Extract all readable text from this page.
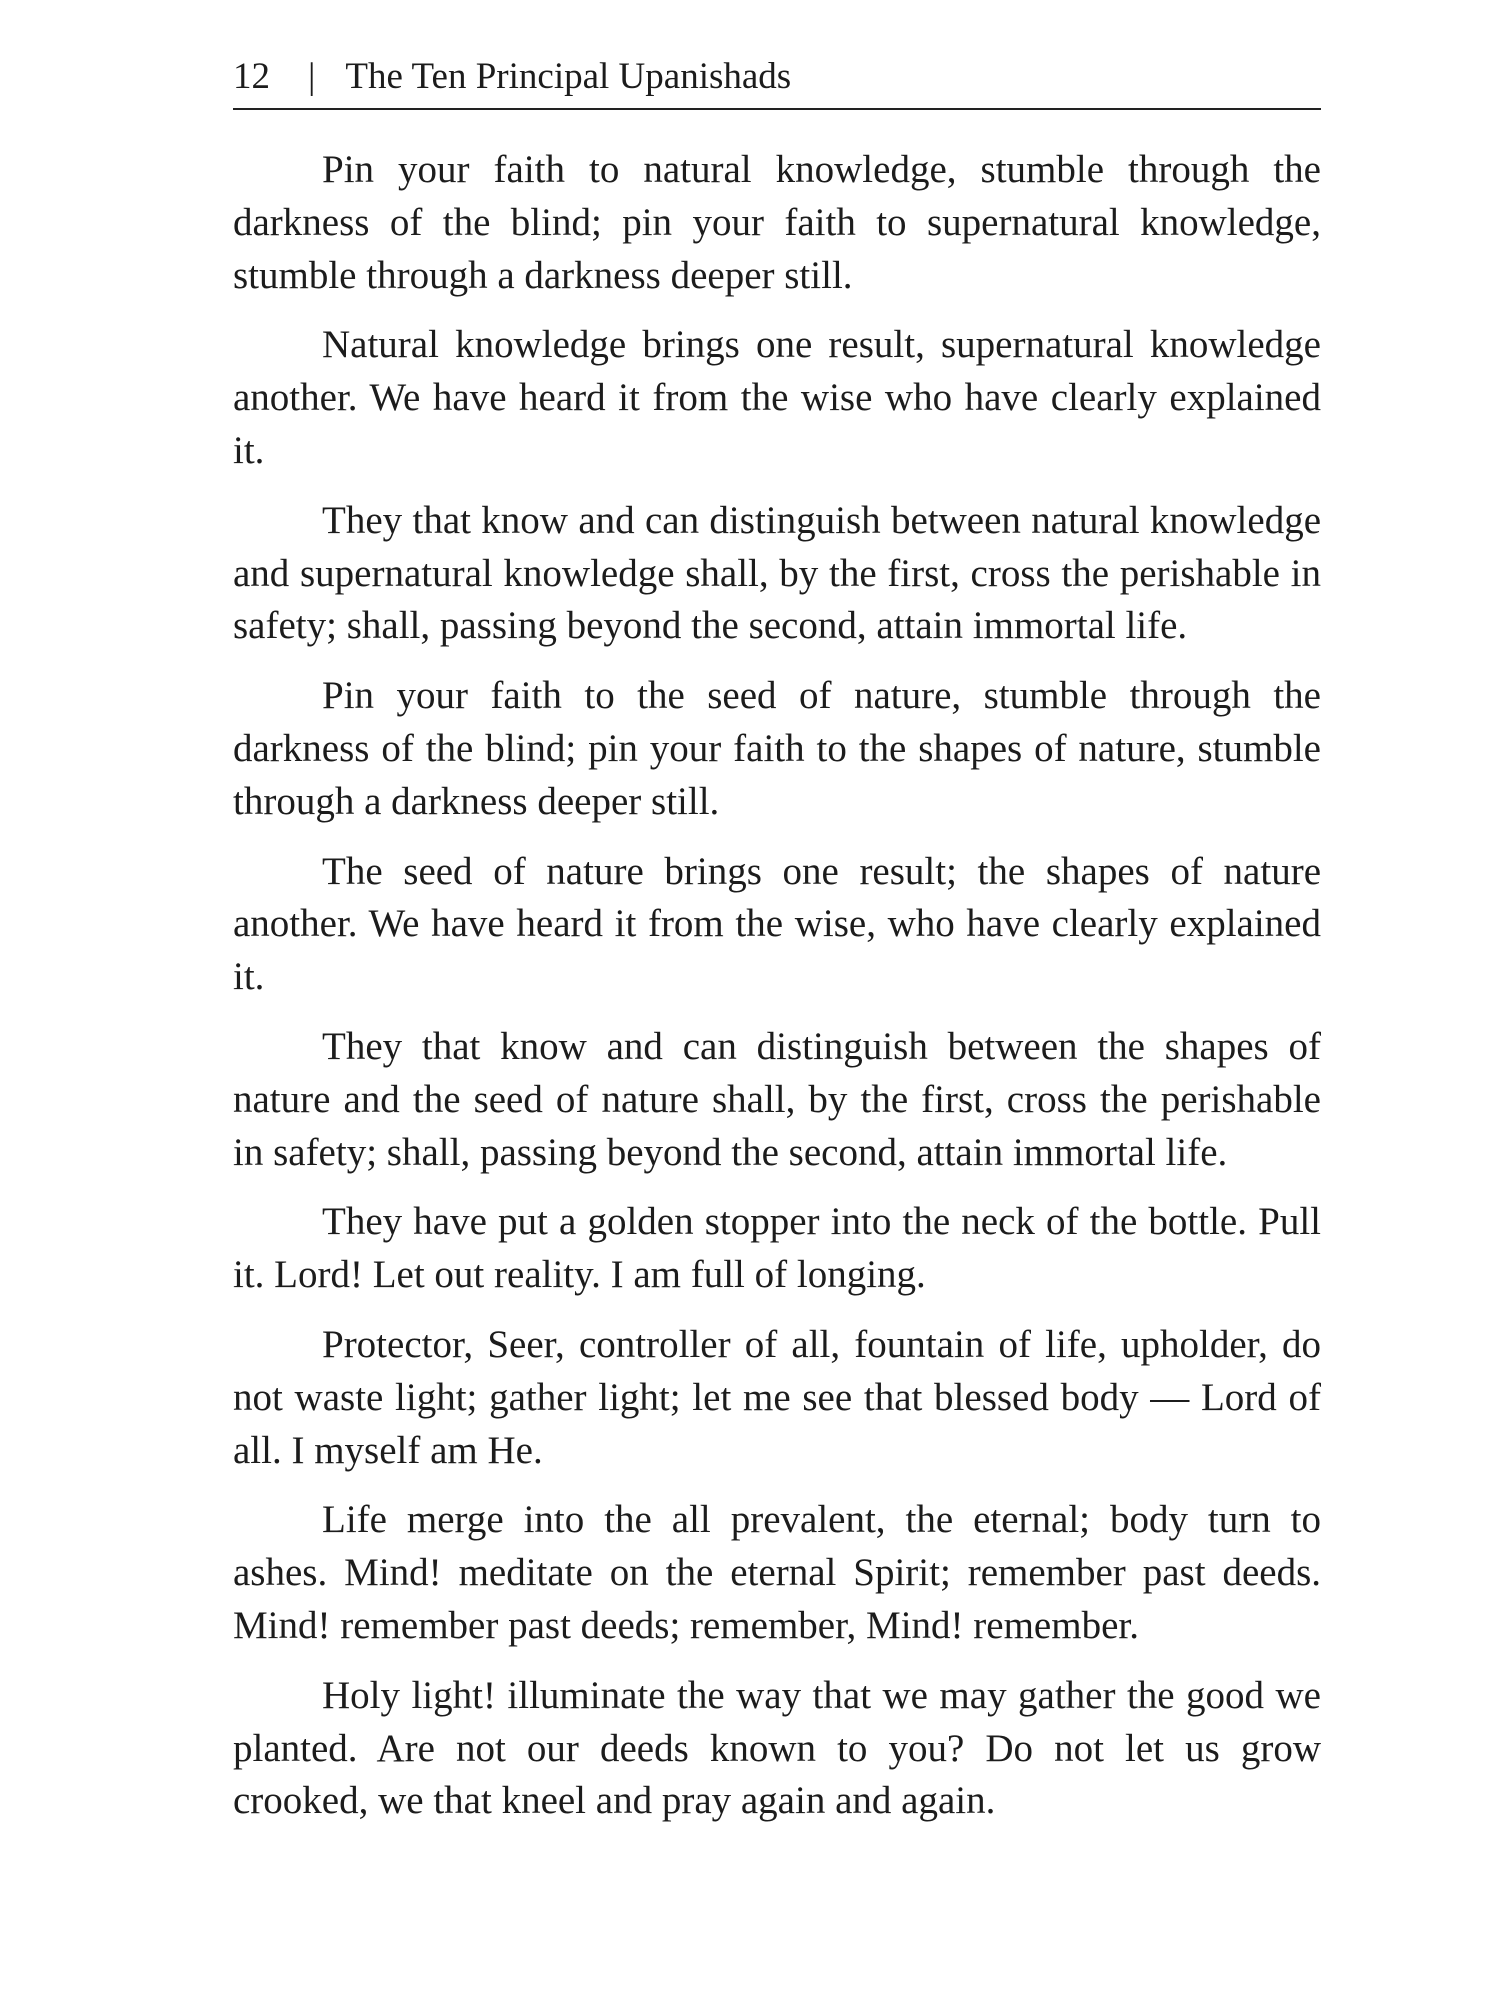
12 | The Ten Principal Upanishads

Pin your faith to natural knowledge, stumble through the darkness of the blind; pin your faith to supernatural knowledge, stumble through a darkness deeper still.

Natural knowledge brings one result, supernatural knowledge another. We have heard it from the wise who have clearly explained it.

They that know and can distinguish between natural knowledge and supernatural knowledge shall, by the first, cross the perishable in safety; shall, passing beyond the second, attain immortal life.

Pin your faith to the seed of nature, stumble through the darkness of the blind; pin your faith to the shapes of nature, stumble through a darkness deeper still.

The seed of nature brings one result; the shapes of nature another. We have heard it from the wise, who have clearly explained it.

They that know and can distinguish between the shapes of nature and the seed of nature shall, by the first, cross the perishable in safety; shall, passing beyond the second, attain immortal life.

They have put a golden stopper into the neck of the bottle. Pull it. Lord! Let out reality. I am full of longing.

Protector, Seer, controller of all, fountain of life, upholder, do not waste light; gather light; let me see that blessed body — Lord of all. I myself am He.

Life merge into the all prevalent, the eternal; body turn to ashes. Mind! meditate on the eternal Spirit; remember past deeds. Mind! remember past deeds; remember, Mind! remember.

Holy light! illuminate the way that we may gather the good we planted. Are not our deeds known to you? Do not let us grow crooked, we that kneel and pray again and again.
